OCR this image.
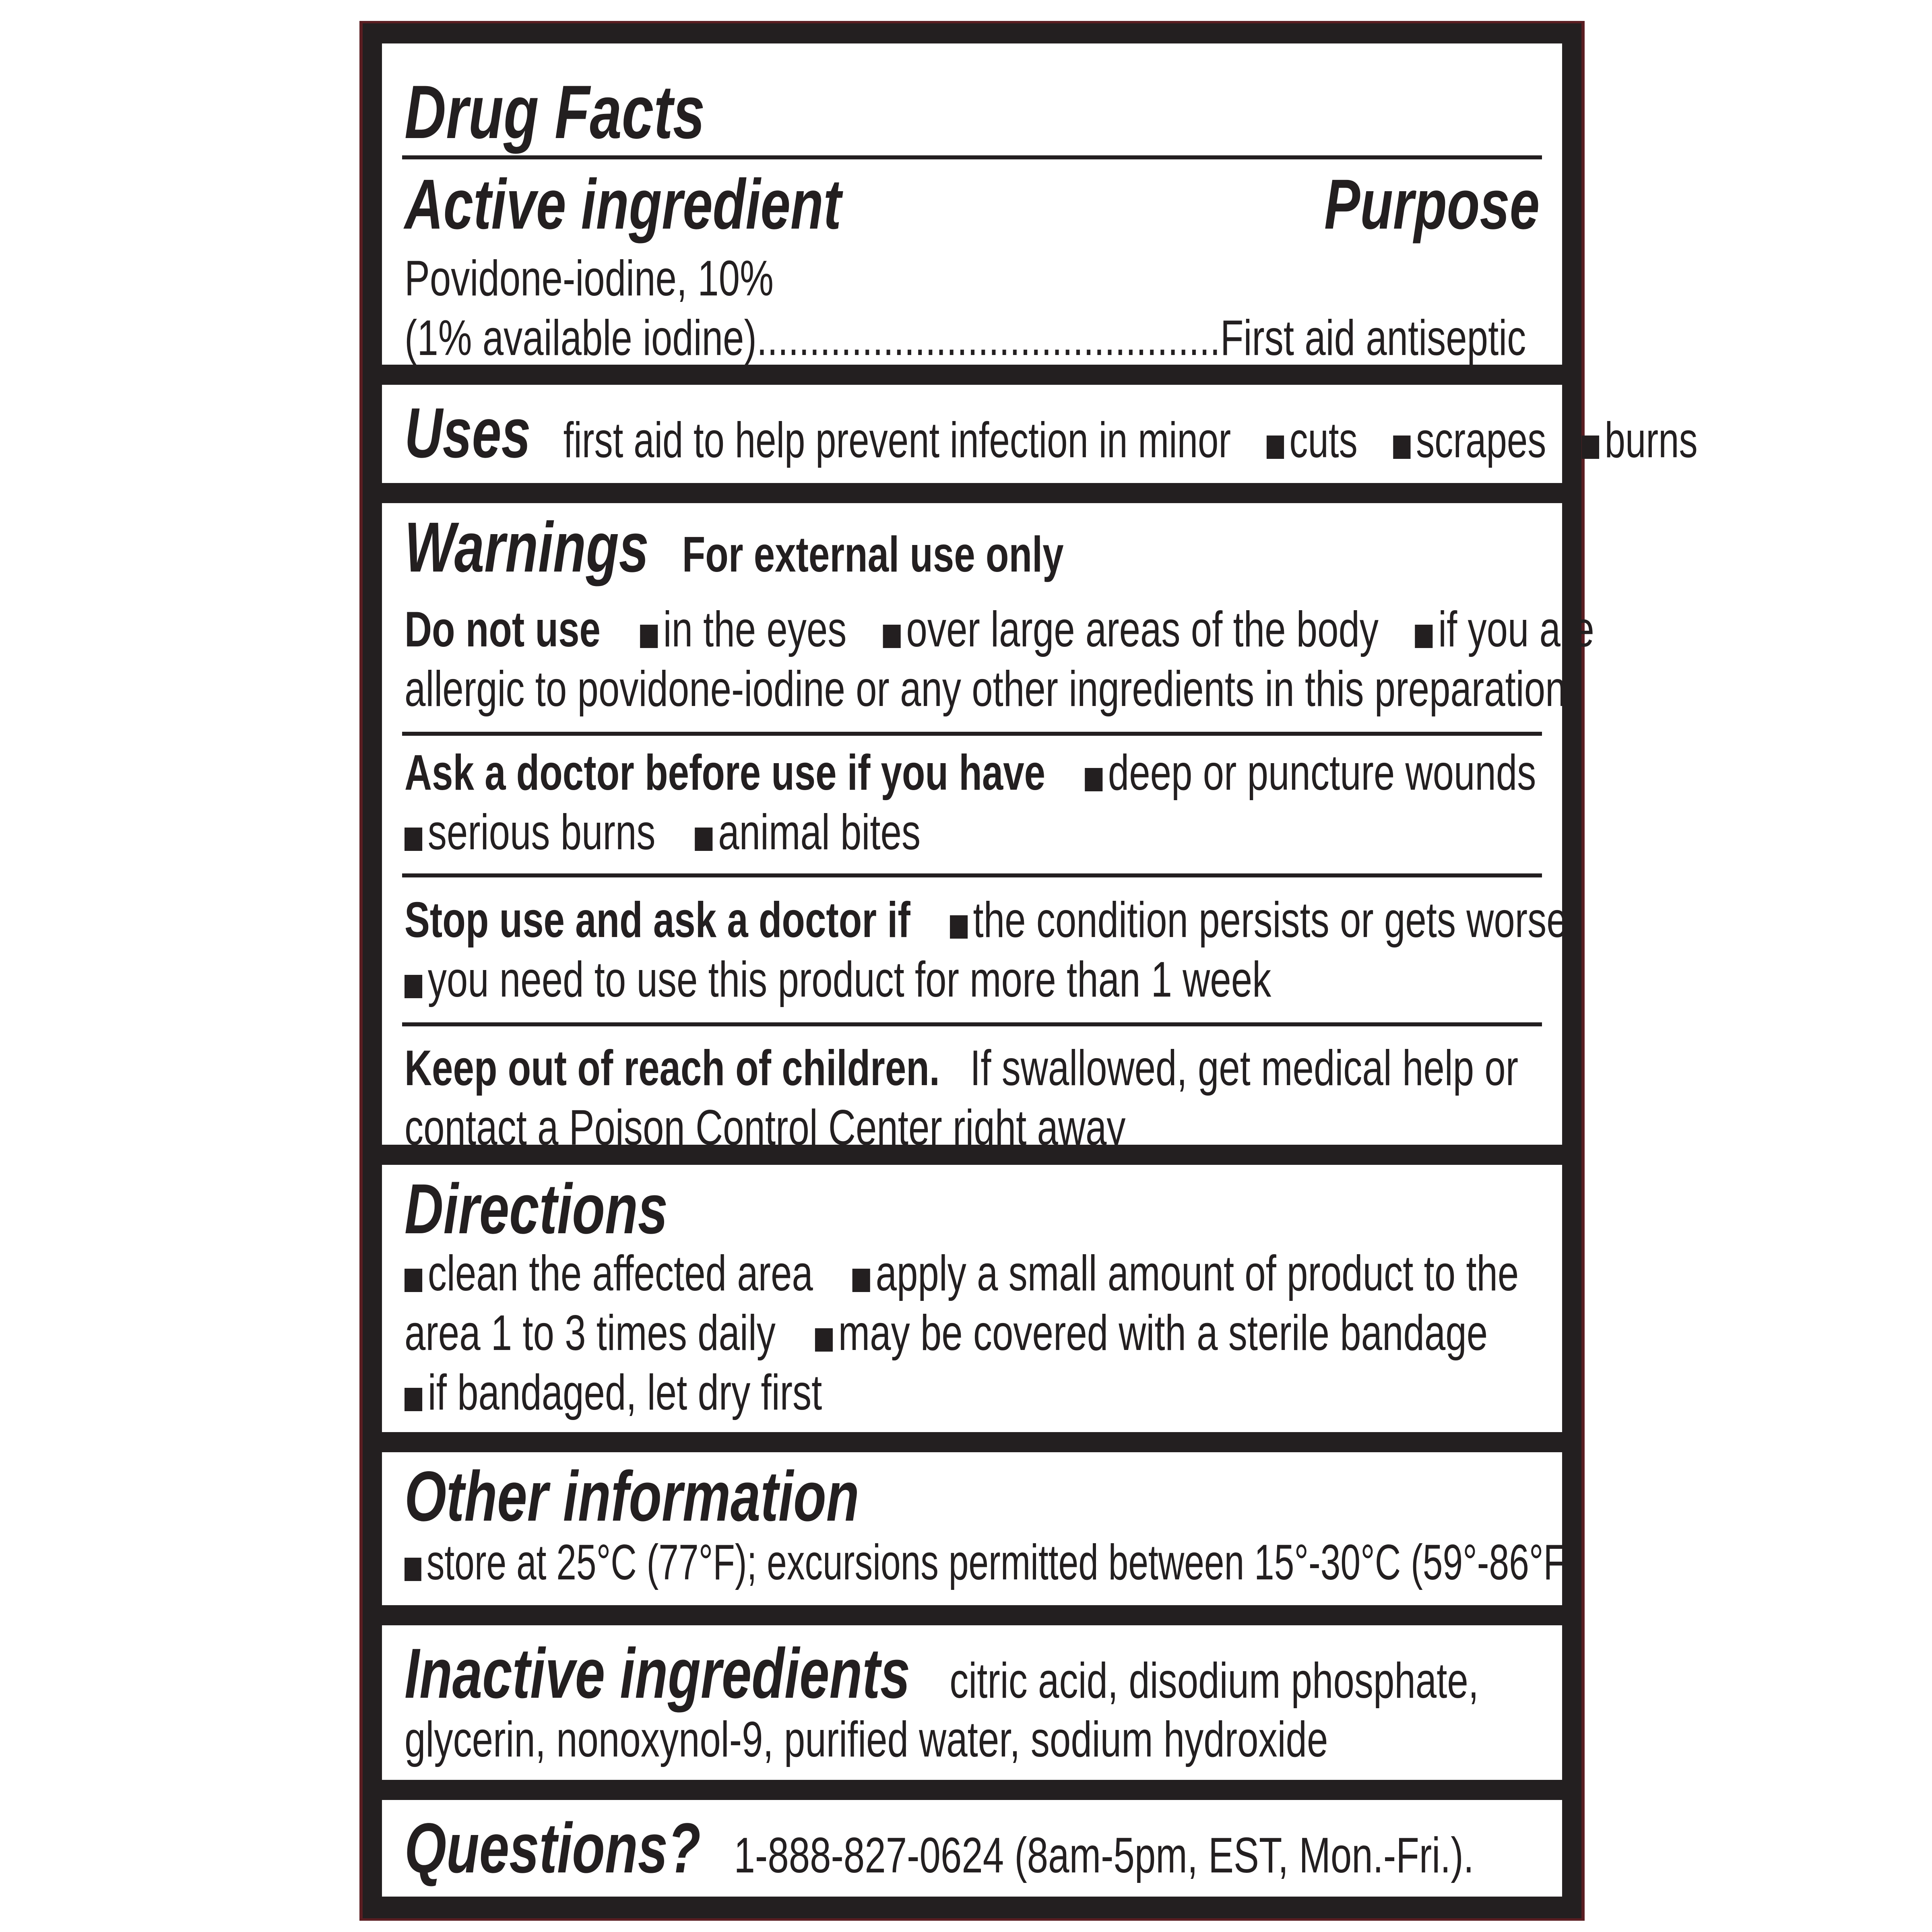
Drug Facts
Active ingredient	Purpose
Povidone-iodine, 10%
(1% available iodine)............................................First aid antiseptic
Uses first aid to help prevent infection in minor cuts scrapes burns
Warnings For external use only
Do not use in the eyes over large areas of the body if you are
allergic to povidone-iodine or any other ingredients in this preparation
Ask a doctor before use if you have deep or puncture wounds
serious burns animal bites
Stop use and ask a doctor if the condition persists or gets worse
you need to use this product for more than 1 week
Keep out of reach of children. If swallowed, get medical help or
contact a Poison Control Center right away
Directions
clean the affected area apply a small amount of product to the
area 1 to 3 times daily may be covered with a sterile bandage
if bandaged, let dry first
Other information
store at 25°C (77°F); excursions permitted between 15°-30°C (59°-86°F)
Inactive ingredients citric acid, disodium phosphate,
glycerin, nonoxynol-9, purified water, sodium hydroxide
Questions? 1-888-827-0624 (8am-5pm, EST, Mon.-Fri.).
